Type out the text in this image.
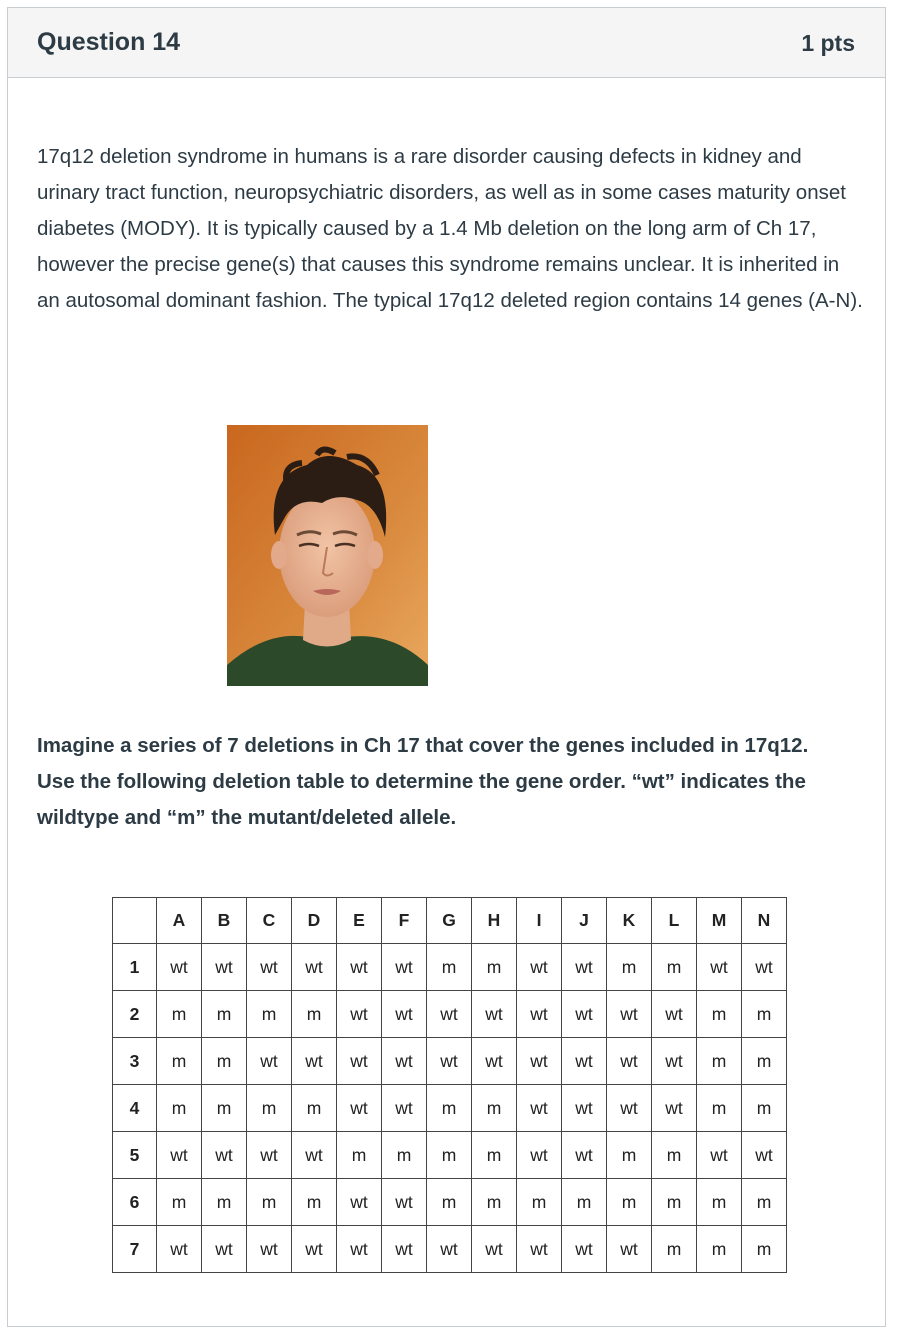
Question 14	1 pts
17q12 deletion syndrome in humans is a rare disorder causing defects in kidney and urinary tract function, neuropsychiatric disorders, as well as in some cases maturity onset diabetes (MODY). It is typically caused by a 1.4 Mb deletion on the long arm of Ch 17, however the precise gene(s) that causes this syndrome remains unclear. It is inherited in an autosomal dominant fashion. The typical 17q12 deleted region contains 14 genes (A-N).
Imagine a series of 7 deletions in Ch 17 that cover the genes included in 17q12. Use the following deletion table to determine the gene order. “wt” indicates the wildtype and “m” the mutant/deleted allele.
	A	B	C	D	E	F	G	H	I	J	K	L	M	N
1	wt	wt	wt	wt	wt	wt	m	m	wt	wt	m	m	wt	wt
2	m	m	m	m	wt	wt	wt	wt	wt	wt	wt	wt	m	m
3	m	m	wt	wt	wt	wt	wt	wt	wt	wt	wt	wt	m	m
4	m	m	m	m	wt	wt	m	m	wt	wt	wt	wt	m	m
5	wt	wt	wt	wt	m	m	m	m	wt	wt	m	m	wt	wt
6	m	m	m	m	wt	wt	m	m	m	m	m	m	m	m
7	wt	wt	wt	wt	wt	wt	wt	wt	wt	wt	wt	m	m	m
